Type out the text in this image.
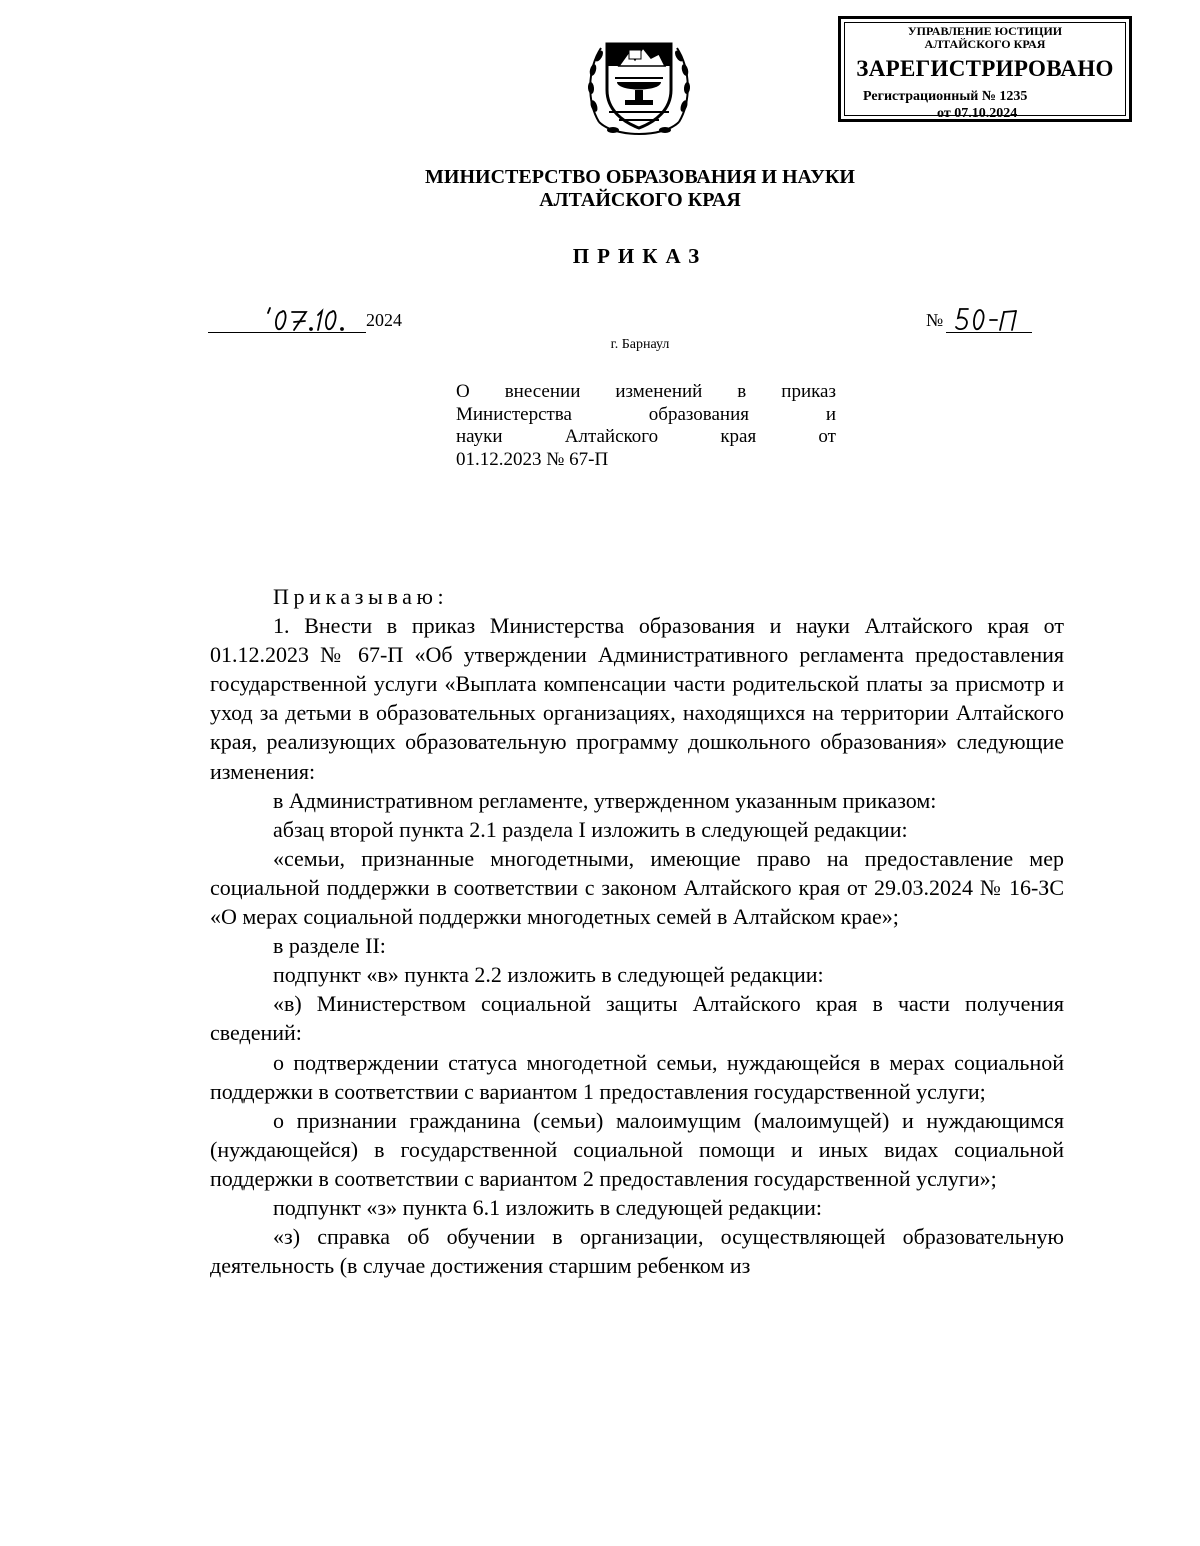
УПРАВЛЕНИЕ ЮСТИЦИИ
АЛТАЙСКОГО КРАЯ
ЗАРЕГИСТРИРОВАНО
Регистрационный № 1235
от 07.10.2024
МИНИСТЕРСТВО ОБРАЗОВАНИЯ И НАУКИ
АЛТАЙСКОГО КРАЯ
ПРИКАЗ
2024	№
г. Барнаул
О внесении изменений в приказ
Министерства образования и
науки Алтайского края от
01.12.2023 № 67-П

Приказываю:

1. Внести в приказ Министерства образования и науки Алтайского края от 01.12.2023 № 67-П «Об утверждении Административного регламента предоставления государственной услуги «Выплата компенсации части родительской платы за присмотр и уход за детьми в образовательных организациях, находящихся на территории Алтайского края, реализующих образовательную программу дошкольного образования» следующие изменения:

в Административном регламенте, утвержденном указанным приказом:

абзац второй пункта 2.1 раздела I изложить в следующей редакции:

«семьи, признанные многодетными, имеющие право на предоставление мер социальной поддержки в соответствии с законом Алтайского края от 29.03.2024 № 16-ЗС «О мерах социальной поддержки многодетных семей в Алтайском крае»;

в разделе II:

подпункт «в» пункта 2.2 изложить в следующей редакции:

«в) Министерством социальной защиты Алтайского края в части получения сведений:

о подтверждении статуса многодетной семьи, нуждающейся в мерах социальной поддержки в соответствии с вариантом 1 предоставления государственной услуги;

о признании гражданина (семьи) малоимущим (малоимущей) и нуждающимся (нуждающейся) в государственной социальной помощи и иных видах социальной поддержки в соответствии с вариантом 2 предоставления государственной услуги»;

подпункт «з» пункта 6.1 изложить в следующей редакции:

«з) справка об обучении в организации, осуществляющей образовательную деятельность (в случае достижения старшим ребенком из
